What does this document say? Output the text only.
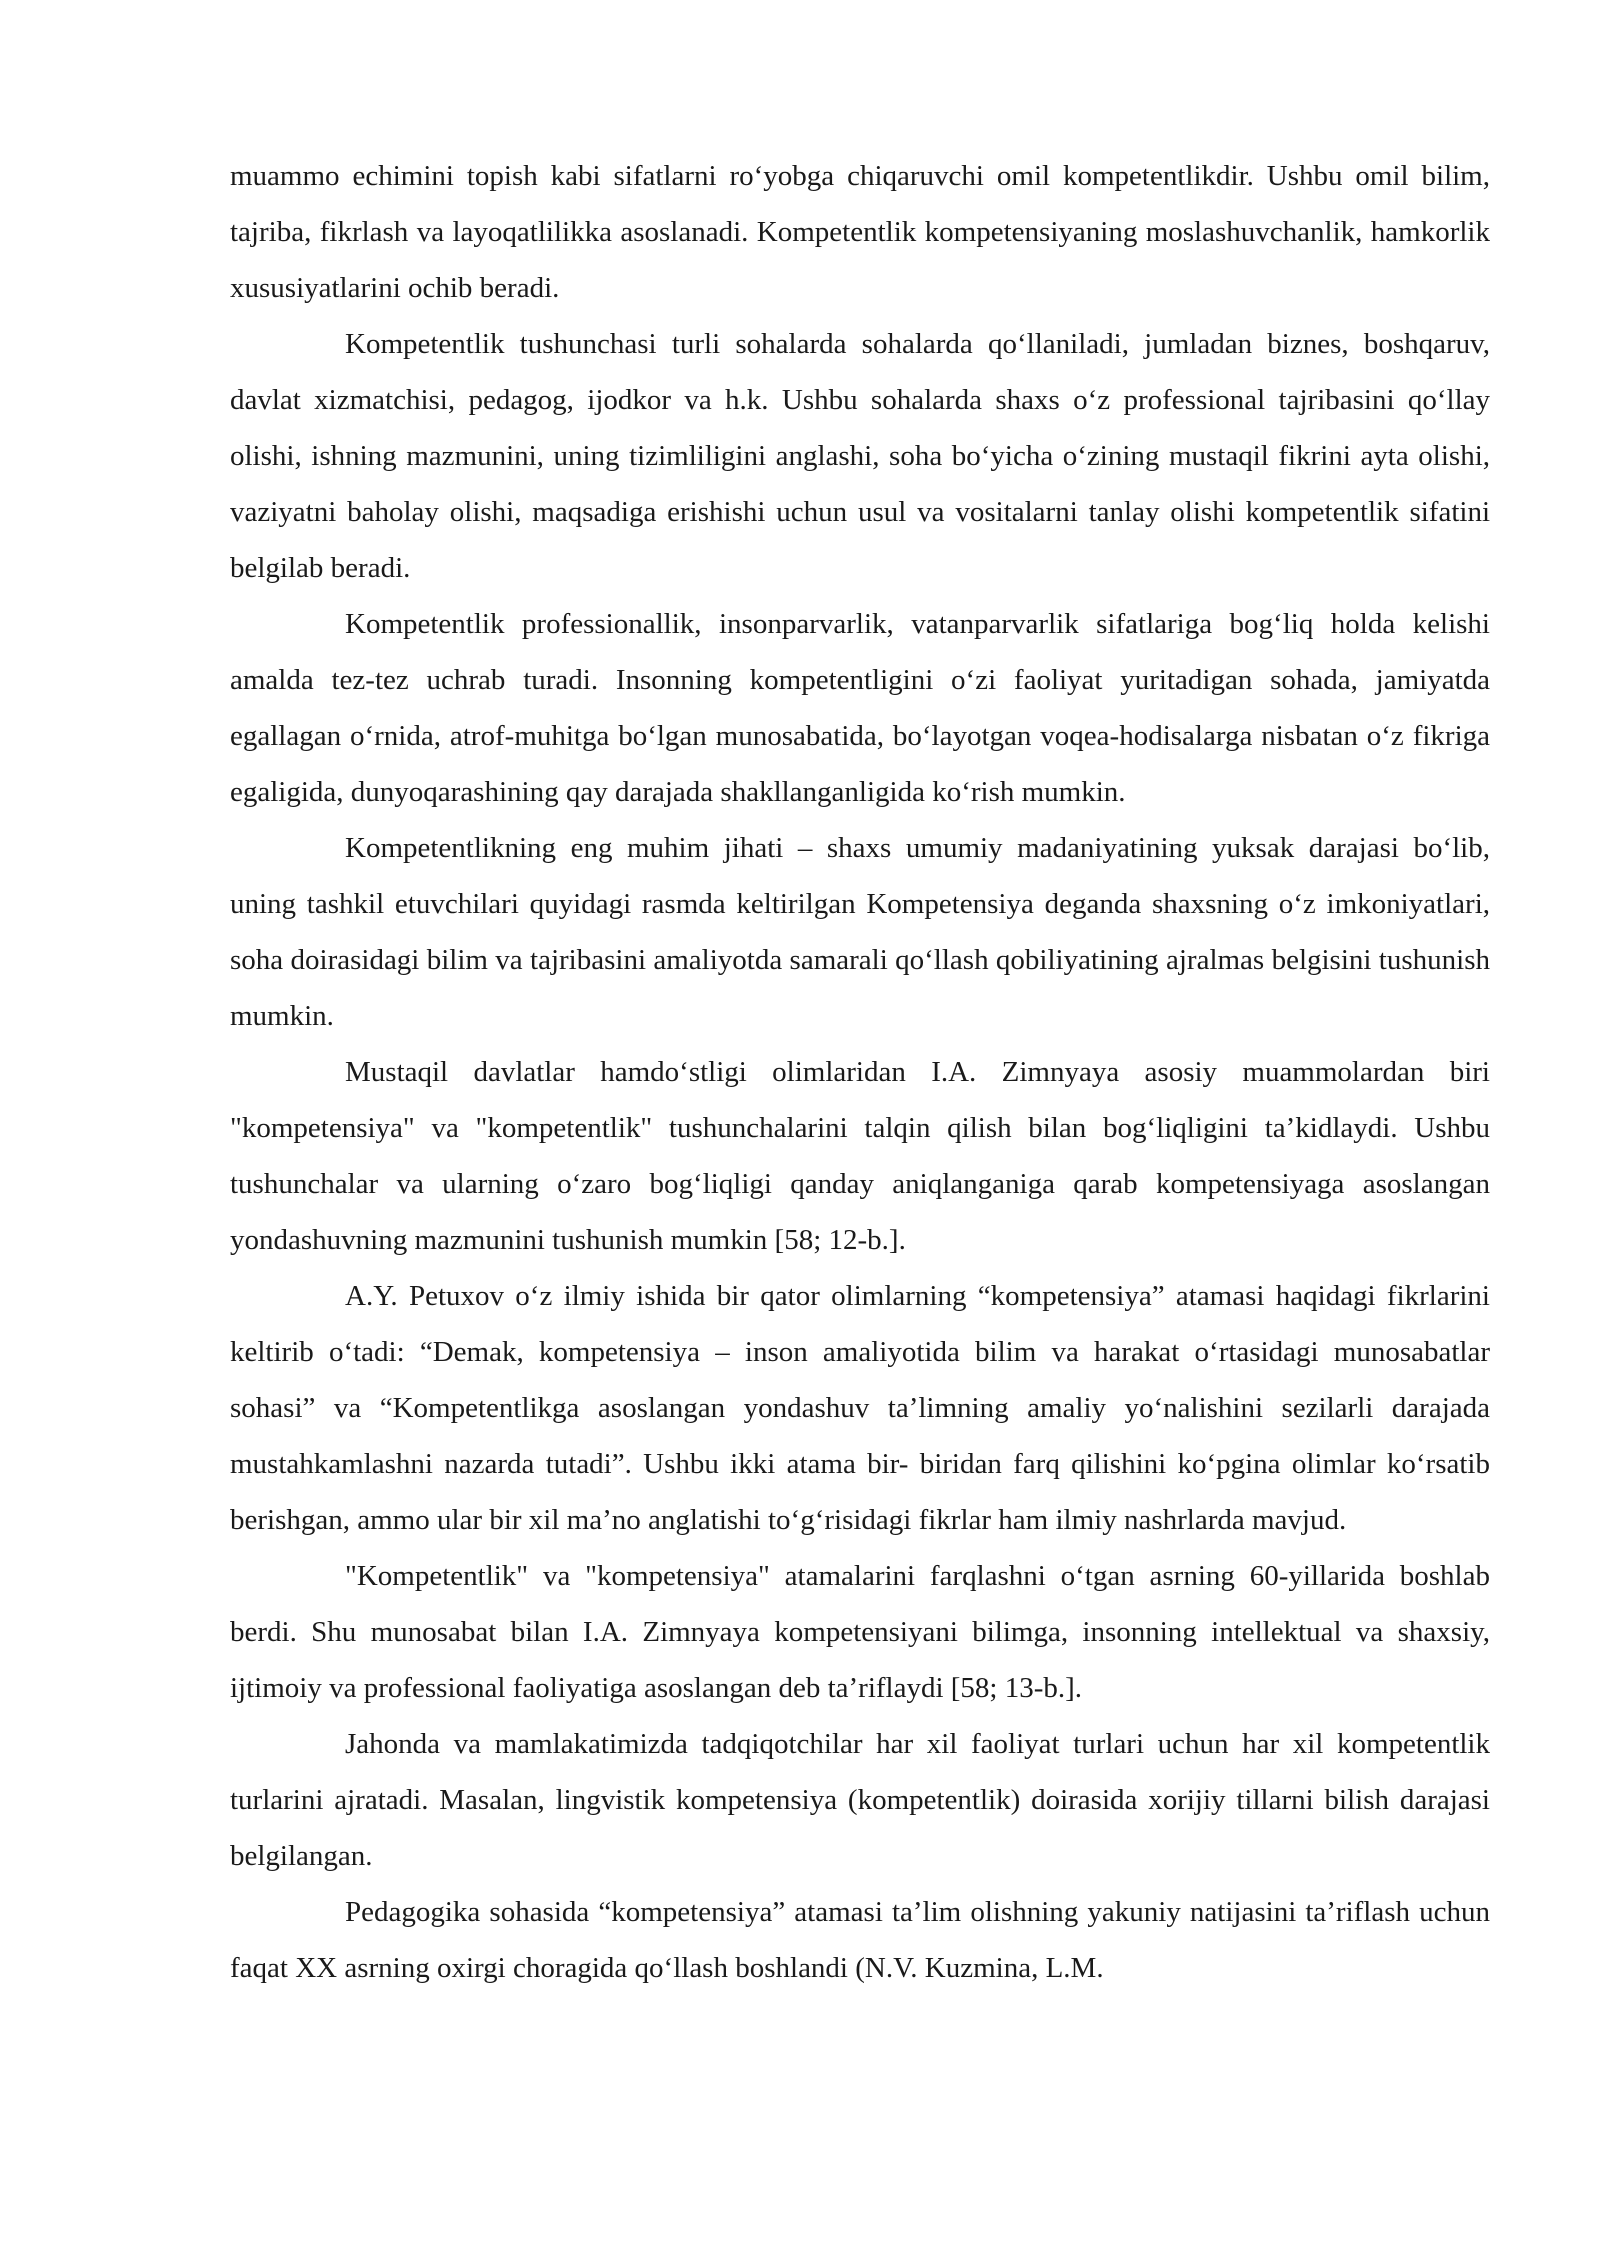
muammo echimini topish kabi sifatlarni ro‘yobga chiqaruvchi omil kompetentlikdir. Ushbu omil bilim, tajriba, fikrlash va layoqatlilikka asoslanadi. Kompetentlik kompetensiyaning moslashuvchanlik, hamkorlik xususiyatlarini ochib beradi.

Kompetentlik tushunchasi turli sohalarda sohalarda qo‘llaniladi, jumladan biznes, boshqaruv, davlat xizmatchisi, pedagog, ijodkor va h.k. Ushbu sohalarda shaxs o‘z professional tajribasini qo‘llay olishi, ishning mazmunini, uning tizimliligini anglashi, soha bo‘yicha o‘zining mustaqil fikrini ayta olishi, vaziyatni baholay olishi, maqsadiga erishishi uchun usul va vositalarni tanlay olishi kompetentlik sifatini belgilab beradi.

Kompetentlik professionallik, insonparvarlik, vatanparvarlik sifatlariga bog‘liq holda kelishi amalda tez-tez uchrab turadi. Insonning kompetentligini o‘zi faoliyat yuritadigan sohada, jamiyatda egallagan o‘rnida, atrof-muhitga bo‘lgan munosabatida, bo‘layotgan voqea-hodisalarga nisbatan o‘z fikriga egaligida, dunyoqarashining qay darajada shakllanganligida ko‘rish mumkin.

Kompetentlikning eng muhim jihati – shaxs umumiy madaniyatining yuksak darajasi bo‘lib, uning tashkil etuvchilari quyidagi rasmda keltirilgan Kompetensiya deganda shaxsning o‘z imkoniyatlari, soha doirasidagi bilim va tajribasini amaliyotda samarali qo‘llash qobiliyatining ajralmas belgisini tushunish mumkin.

Mustaqil davlatlar hamdo‘stligi olimlaridan I.A. Zimnyaya asosiy muammolardan biri "kompetensiya" va "kompetentlik" tushunchalarini talqin qilish bilan bog‘liqligini ta’kidlaydi. Ushbu tushunchalar va ularning o‘zaro bog‘liqligi qanday aniqlanganiga qarab kompetensiyaga asoslangan yondashuvning mazmunini tushunish mumkin [58; 12-b.].

A.Y. Petuxov o‘z ilmiy ishida bir qator olimlarning “kompetensiya” atamasi haqidagi fikrlarini keltirib o‘tadi: “Demak, kompetensiya – inson amaliyotida bilim va harakat o‘rtasidagi munosabatlar sohasi” va “Kompetentlikga asoslangan yondashuv ta’limning amaliy yo‘nalishini sezilarli darajada mustahkamlashni nazarda tutadi”. Ushbu ikki atama bir- biridan farq qilishini ko‘pgina olimlar ko‘rsatib berishgan, ammo ular bir xil ma’no anglatishi to‘g‘risidagi fikrlar ham ilmiy nashrlarda mavjud.

"Kompetentlik" va "kompetensiya" atamalarini farqlashni o‘tgan asrning 60-yillarida boshlab berdi. Shu munosabat bilan I.A. Zimnyaya kompetensiyani bilimga, insonning intellektual va shaxsiy, ijtimoiy va professional faoliyatiga asoslangan deb ta’riflaydi [58; 13-b.].

Jahonda va mamlakatimizda tadqiqotchilar har xil faoliyat turlari uchun har xil kompetentlik turlarini ajratadi. Masalan, lingvistik kompetensiya (kompetentlik) doirasida xorijiy tillarni bilish darajasi belgilangan.

Pedagogika sohasida “kompetensiya” atamasi ta’lim olishning yakuniy natijasini ta’riflash uchun faqat XX asrning oxirgi choragida qo‘llash boshlandi (N.V. Kuzmina, L.M.
